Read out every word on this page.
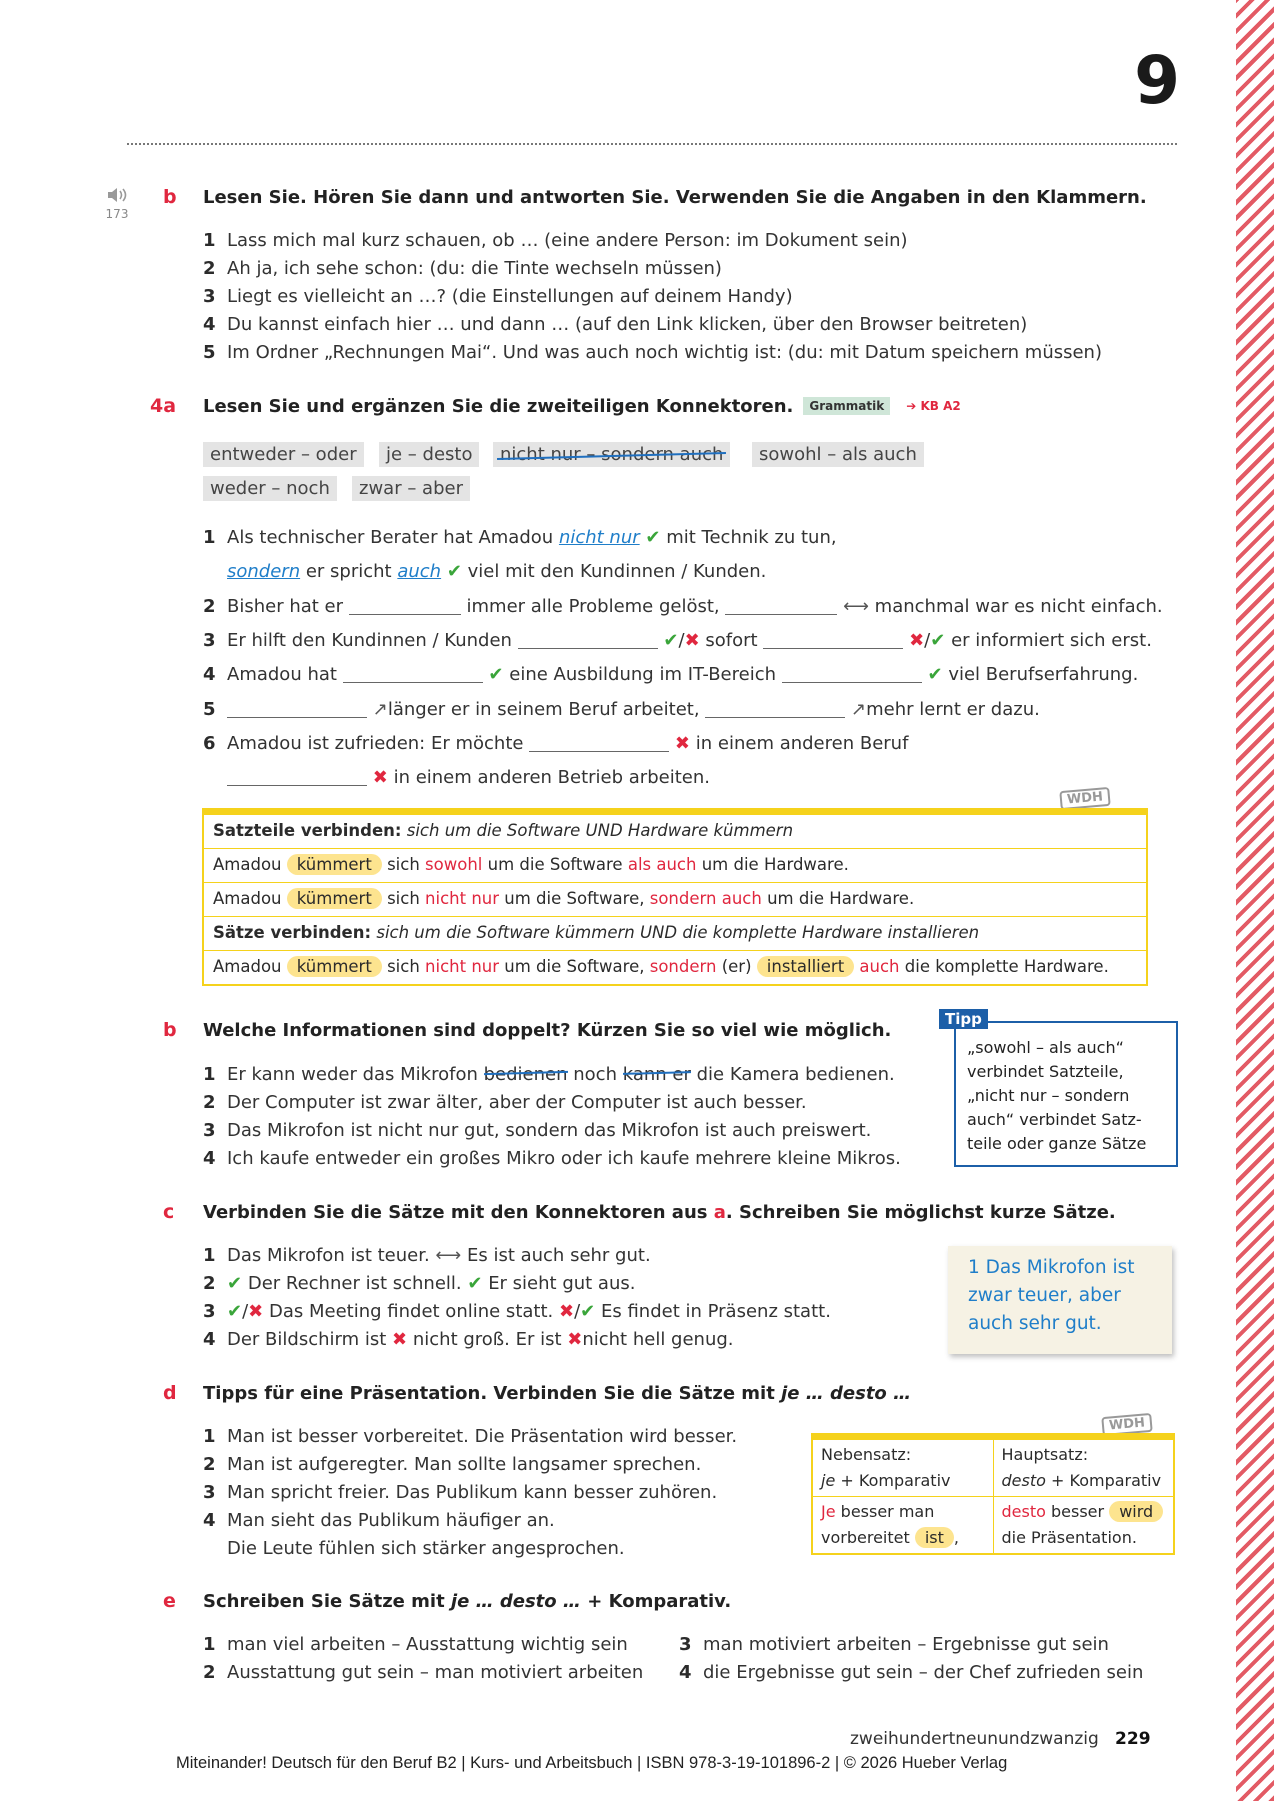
9
173
b Lesen Sie. Hören Sie dann und antworten Sie. Verwenden Sie die Angaben in den Klammern.
1 Lass mich mal kurz schauen, ob … (eine andere Person: im Dokument sein)
2 Ah ja, ich sehe schon: (du: die Tinte wechseln müssen)
3 Liegt es vielleicht an …? (die Einstellungen auf deinem Handy)
4 Du kannst einfach hier … und dann … (auf den Link klicken, über den Browser beitreten)
5 Im Ordner „Rechnungen Mai“. Und was auch noch wichtig ist: (du: mit Datum speichern müssen)
4a Lesen Sie und ergänzen Sie die zweiteiligen Konnektoren. Grammatik ➔ KB A2
entweder – oder	je – desto	nicht nur – sondern auch	sowohl – als auch
weder – noch	zwar – aber
1 Als technischer Berater hat Amadou nicht nur ✔ mit Technik zu tun,
sondern er spricht auch ✔ viel mit den Kundinnen / Kunden.
2 Bisher hat er	immer alle Probleme gelöst,	⟷ manchmal war es nicht einfach.
3 Er hilft den Kundinnen / Kunden	✔/✖ sofort	✖/✔ er informiert sich erst.
4 Amadou hat	✔ eine Ausbildung im IT-Bereich	✔ viel Berufserfahrung.
5	↗länger er in seinem Beruf arbeitet,	↗mehr lernt er dazu.
6 Amadou ist zufrieden: Er möchte	✖ in einem anderen Beruf
✖ in einem anderen Betrieb arbeiten.
WDH
Satzteile verbinden: sich um die Software UND Hardware kümmern
Amadou kümmert sich sowohl um die Software als auch um die Hardware.
Amadou kümmert sich nicht nur um die Software, sondern auch um die Hardware.
Sätze verbinden: sich um die Software kümmern UND die komplette Hardware installieren
Amadou kümmert sich nicht nur um die Software, sondern (er) installiert auch die komplette Hardware.
b Welche Informationen sind doppelt? Kürzen Sie so viel wie möglich.
1 Er kann weder das Mikrofon bedienen noch kann er die Kamera bedienen.
2 Der Computer ist zwar älter, aber der Computer ist auch besser.
3 Das Mikrofon ist nicht nur gut, sondern das Mikrofon ist auch preiswert.
4 Ich kaufe entweder ein großes Mikro oder ich kaufe mehrere kleine Mikros.
Tipp
„sowohl – als auch“
verbindet Satzteile,
„nicht nur – sondern
auch“ verbindet Satz-
teile oder ganze Sätze
c Verbinden Sie die Sätze mit den Konnektoren aus a. Schreiben Sie möglichst kurze Sätze.
1 Das Mikrofon ist teuer. ⟷ Es ist auch sehr gut.
2 ✔ Der Rechner ist schnell. ✔ Er sieht gut aus.
3 ✔/✖ Das Meeting findet online statt. ✖/✔ Es findet in Präsenz statt.
4 Der Bildschirm ist ✖ nicht groß. Er ist ✖nicht hell genug.
1 Das Mikrofon ist
zwar teuer, aber
auch sehr gut.
d Tipps für eine Präsentation. Verbinden Sie die Sätze mit je … desto …
1 Man ist besser vorbereitet. Die Präsentation wird besser.
2 Man ist aufgeregter. Man sollte langsamer sprechen.
3 Man spricht freier. Das Publikum kann besser zuhören.
4 Man sieht das Publikum häufiger an.
Die Leute fühlen sich stärker angesprochen.
WDH
Nebensatz:
je + Komparativ	Hauptsatz:
desto + Komparativ
Je besser man
vorbereitet ist ,	desto besser wird
die Präsentation.
e Schreiben Sie Sätze mit je … desto … + Komparativ.
1 man viel arbeiten – Ausstattung wichtig sein
2 Ausstattung gut sein – man motiviert arbeiten
3 man motiviert arbeiten – Ergebnisse gut sein
4 die Ergebnisse gut sein – der Chef zufrieden sein
zweihundertneunundzwanzig 229
Miteinander! Deutsch für den Beruf B2 | Kurs- und Arbeitsbuch | ISBN 978-3-19-101896-2 | © 2026 Hueber Verlag
